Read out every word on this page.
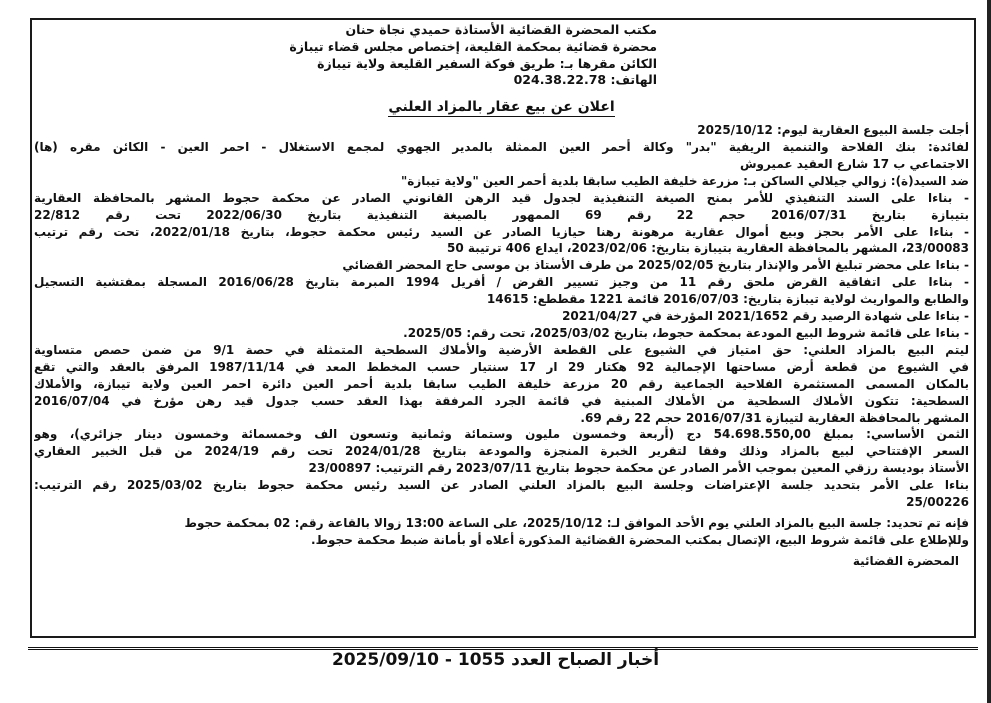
مكتب المحضرة القضائية الأستاذة حميدي نجاة حنان
محضرة قضائية بمحكمة القليعة، إختصاص مجلس قضاء تيبازة
الكائن مقرها بـ: طريق فوكة السفير القليعة ولاية تيبازة
الهاتف: 024.38.22.78
اعلان عن بيع عقار بالمزاد العلني
أجلت جلسة البيوع العقارية ليوم: 2025/10/12
لفائدة: بنك الفلاحة والتنمية الريفية "بدر" وكالة أحمر العين الممثلة بالمدير الجهوي لمجمع الاستغلال - احمر العين - الكائن مقره (ها)
الاجتماعي ب 17 شارع العقيد عميروش
ضد السيد(ة): زوالي جيلالي الساكن بـ: مزرعة خليفة الطيب سابقا بلدية أحمر العين "ولاية تيبازة"
- بناءا على السند التنفيذي للأمر بمنح الصيغة التنفيذية لجدول قيد الرهن القانوني الصادر عن محكمة حجوط المشهر بالمحافظة العقارية
بتيبازة بتاريخ 2016/07/31 حجم 22 رقم 69 الممهور بالصيغة التنفيذية بتاريخ 2022/06/30 تحت رقم 22/812
- بناءا على الأمر بحجز وبيع أموال عقارية مرهونة رهنا حيازيا الصادر عن السيد رئيس محكمة حجوط، بتاريخ 2022/01/18، تحت رقم ترتيب
23/00083، المشهر بالمحافظة العقارية بتيبازة بتاريخ: 2023/02/06، ايداع 406 ترتيبة 50
- بناءا على محضر تبليغ الأمر والإنذار بتاريخ 2025/02/05 من طرف الأستاذ بن موسى حاج المحضر القضائي
- بناءا على اتفاقية القرض ملحق رقم 11 من وجيز تسيير القرض / أفريل 1994 المبرمة بتاريخ 2016/06/28 المسجلة بمفتشية التسجيل
والطابع والمواريث لولاية تيبازة بتاريخ: 2016/07/03 قائمة 1221 مقططع: 14615
- بناءا على شهادة الرصيد رقم 2021/1652 المؤرخة في 2021/04/27
- بناءا على قائمة شروط البيع المودعة بمحكمة حجوط، بتاريخ 2025/03/02، تحت رقم: 2025/05.
ليتم البيع بالمزاد العلني: حق امتياز في الشيوع على القطعة الأرضية والأملاك السطحية المتمثلة في حصة 9/1 من ضمن حصص متساوية
في الشيوع من قطعة أرض مساحتها الإجمالية 92 هكتار 29 ار 17 سنتيار حسب المخطط المعد في 1987/11/14 المرفق بالعقد والتي تقع
بالمكان المسمى المستثمرة الفلاحية الجماعية رقم 20 مزرعة خليفة الطيب سابقا بلدية أحمر العين دائرة احمر العين ولاية تيبازة، والأملاك
السطحية: تتكون الأملاك السطحية من الأملاك المبنية في قائمة الجرد المرفقة بهذا العقد حسب جدول قيد رهن مؤرخ في 2016/07/04
المشهر بالمحافظة العقارية لتيبازة 2016/07/31 حجم 22 رقم 69.
الثمن الأساسي: بمبلغ 54.698.550,00 دج (أربعة وخمسون مليون وستمائة وثمانية وتسعون الف وخمسمائة وخمسون دينار جزائري)، وهو
السعر الإفتتاحي لبيع بالمزاد وذلك وفقا لتقرير الخبرة المنجزة والمودعة بتاريخ 2024/01/28 تحت رقم 2024/19 من قبل الخبير العقاري
الأستاذ بوديسة رزقي المعين بموجب الأمر الصادر عن محكمة حجوط بتاريخ 2023/07/11 رقم الترتيب: 23/00897
بناءا على الأمر بتحديد جلسة الإعتراضات وجلسة البيع بالمزاد العلني الصادر عن السيد رئيس محكمة حجوط بتاريخ 2025/03/02 رقم الترتيب:
25/00226
فإنه تم تحديد: جلسة البيع بالمزاد العلني يوم الأحد الموافق لـ: 2025/10/12، على الساعة 13:00 زوالا بالقاعة رقم: 02 بمحكمة حجوط
وللإطلاع على قائمة شروط البيع، الإتصال بمكتب المحضرة القضائية المذكورة أعلاه أو بأمانة ضبط محكمة حجوط.
المحضرة القضائية
أخبار الصباح العدد 1055 - 2025/09/10
